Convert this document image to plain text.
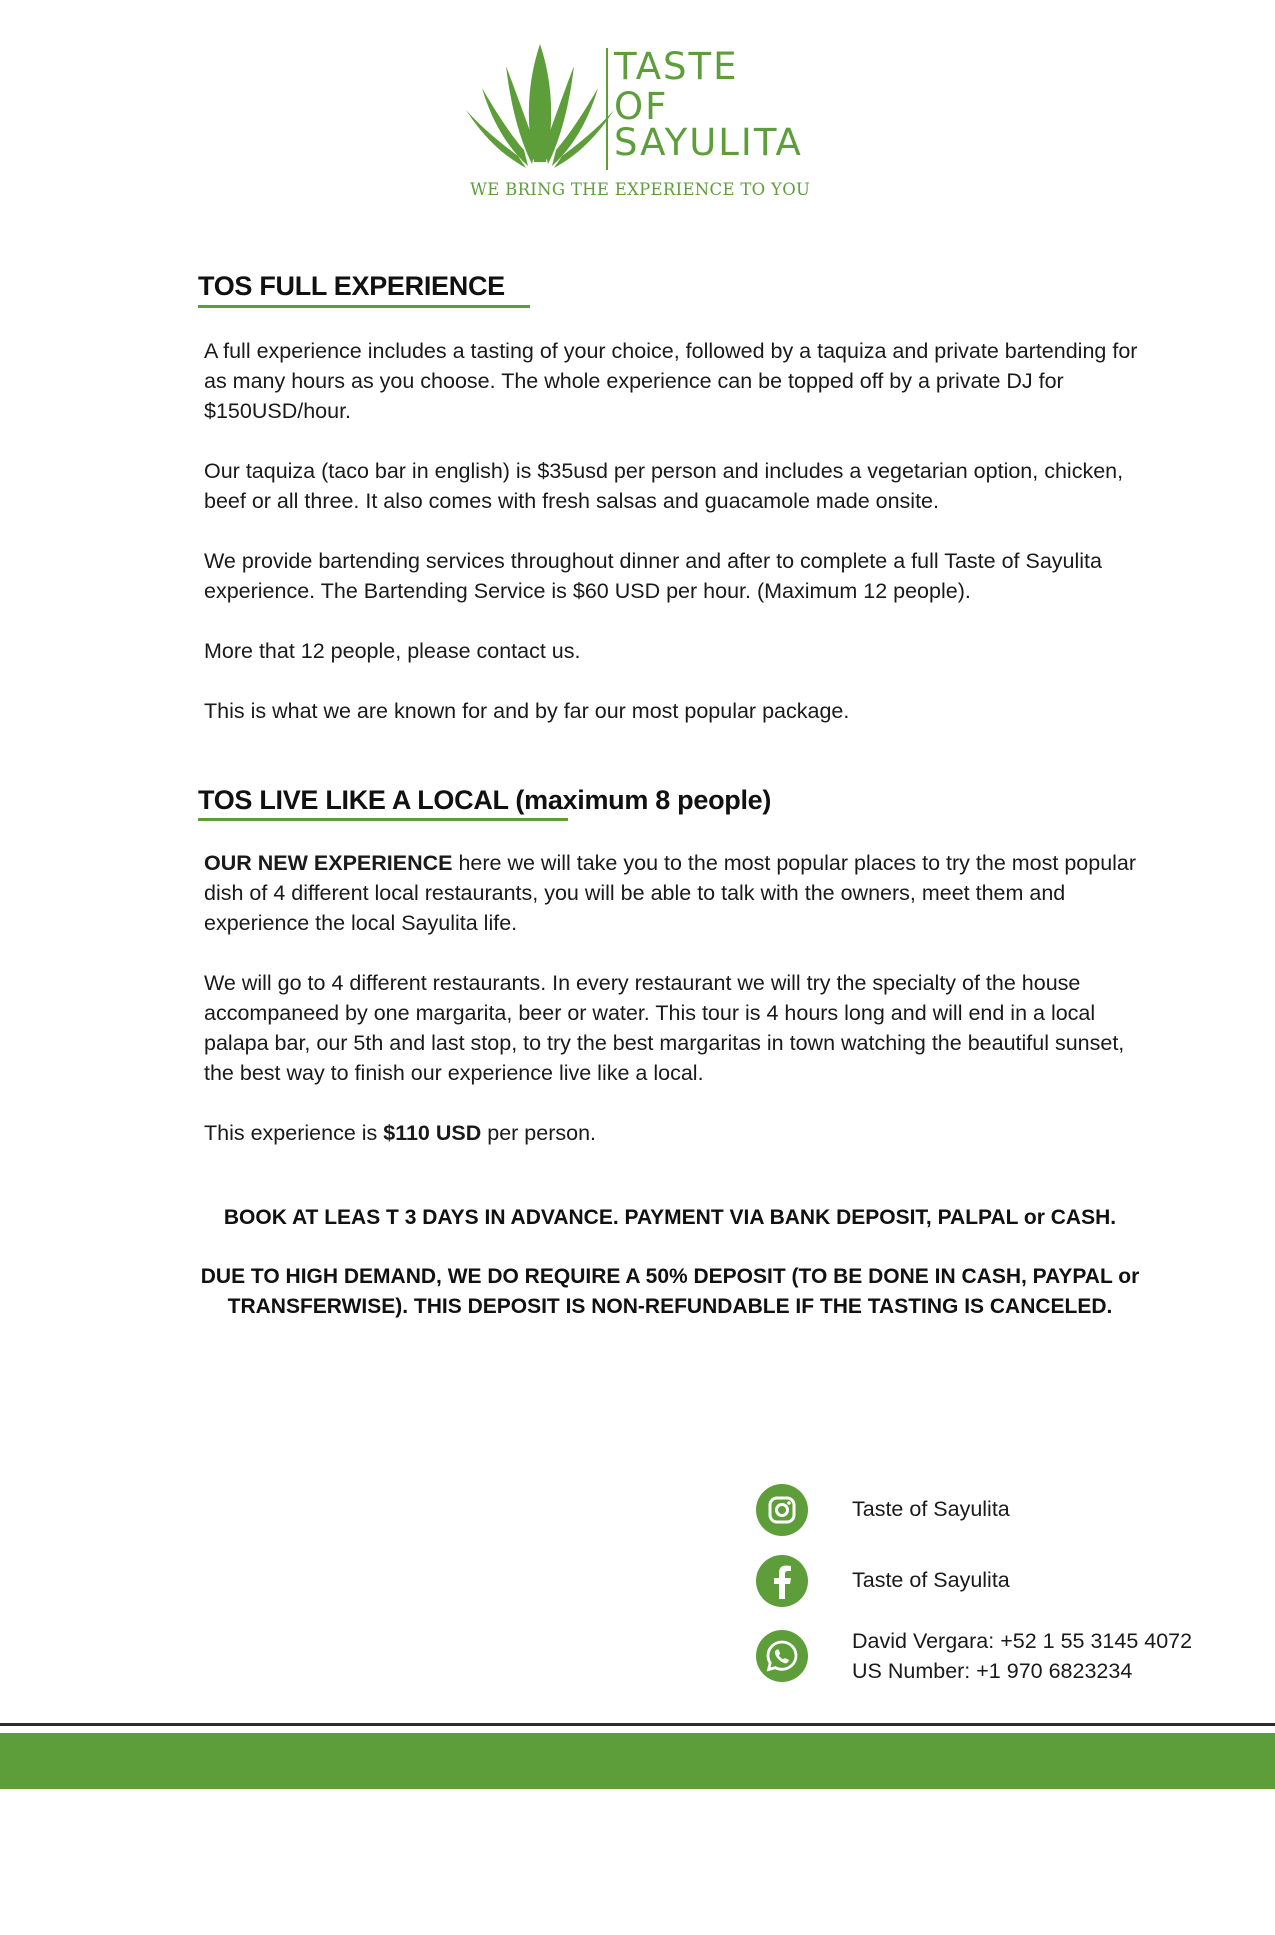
TASTE
OF
SAYULITA
WE BRING THE EXPERIENCE TO YOU
TOS FULL EXPERIENCE

A full experience includes a tasting of your choice, followed by a taquiza and private bartending for as many hours as you choose. The whole experience can be topped off by a private DJ for $150USD/hour.

Our taquiza (taco bar in english) is $35usd per person and includes a vegetarian option, chicken, beef or all three. It also comes with fresh salsas and guacamole made onsite.

We provide bartending services throughout dinner and after to complete a full Taste of Sayulita experience. The Bartending Service is $60 USD per hour. (Maximum 12 people).

More that 12 people, please contact us.

This is what we are known for and by far our most popular package.

TOS LIVE LIKE A LOCAL (maximum 8 people)

OUR NEW EXPERIENCE here we will take you to the most popular places to try the most popular dish of 4 different local restaurants, you will be able to talk with the owners, meet them and experience the local Sayulita life.

We will go to 4 different restaurants. In every restaurant we will try the specialty of the house accompaneed by one margarita, beer or water. This tour is 4 hours long and will end in a local palapa bar, our 5th and last stop, to try the best margaritas in town watching the beautiful sunset, the best way to finish our experience live like a local.

This experience is $110 USD per person.

BOOK AT LEAS T 3 DAYS IN ADVANCE. PAYMENT VIA BANK DEPOSIT, PALPAL or CASH.

DUE TO HIGH DEMAND, WE DO REQUIRE A 50% DEPOSIT (TO BE DONE IN CASH, PAYPAL or TRANSFERWISE). THIS DEPOSIT IS NON-REFUNDABLE IF THE TASTING IS CANCELED.

Taste of Sayulita
Taste of Sayulita
David Vergara: +52 1 55 3145 4072
US Number: +1 970 6823234
